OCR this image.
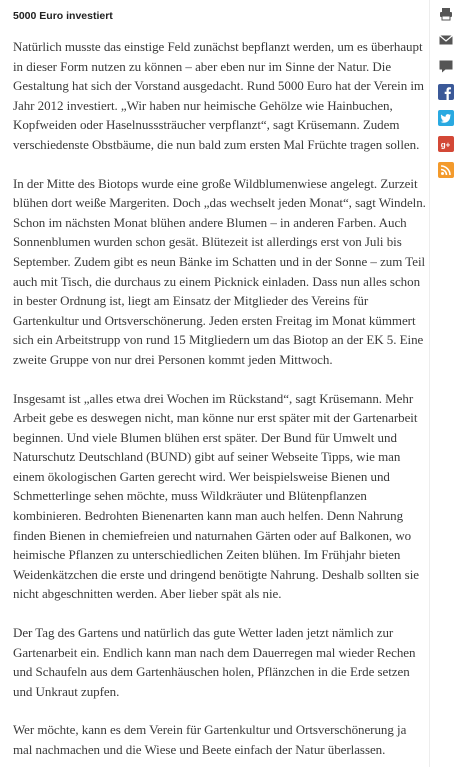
5000 Euro investiert

Natürlich musste das einstige Feld zunächst bepflanzt werden, um es überhaupt in dieser Form nutzen zu können – aber eben nur im Sinne der Natur. Die Gestaltung hat sich der Vorstand ausgedacht. Rund 5000 Euro hat der Verein im Jahr 2012 investiert. „Wir haben nur heimische Gehölze wie Hainbuchen, Kopfweiden oder Haselnusssträucher verpflanzt“, sagt Krüsemann. Zudem verschiedenste Obstbäume, die nun bald zum ersten Mal Früchte tragen sollen.

In der Mitte des Biotops wurde eine große Wildblumenwiese angelegt. Zurzeit blühen dort weiße Margeriten. Doch „das wechselt jeden Monat“, sagt Windeln. Schon im nächsten Monat blühen andere Blumen – in anderen Farben. Auch Sonnenblumen wurden schon gesät. Blütezeit ist allerdings erst von Juli bis September. Zudem gibt es neun Bänke im Schatten und in der Sonne – zum Teil auch mit Tisch, die durchaus zu einem Picknick einladen. Dass nun alles schon in bester Ordnung ist, liegt am Einsatz der Mitglieder des Vereins für Gartenkultur und Ortsverschönerung. Jeden ersten Freitag im Monat kümmert sich ein Arbeitstrupp von rund 15 Mitgliedern um das Biotop an der EK 5. Eine zweite Gruppe von nur drei Personen kommt jeden Mittwoch.

Insgesamt ist „alles etwa drei Wochen im Rückstand“, sagt Krüsemann. Mehr Arbeit gebe es deswegen nicht, man könne nur erst später mit der Gartenarbeit beginnen. Und viele Blumen blühen erst später. Der Bund für Umwelt und Naturschutz Deutschland (BUND) gibt auf seiner Webseite Tipps, wie man einem ökologischen Garten gerecht wird. Wer beispielsweise Bienen und Schmetterlinge sehen möchte, muss Wildkräuter und Blütenpflanzen kombinieren. Bedrohten Bienenarten kann man auch helfen. Denn Nahrung finden Bienen in chemiefreien und naturnahen Gärten oder auf Balkonen, wo heimische Pflanzen zu unterschiedlichen Zeiten blühen. Im Frühjahr bieten Weidenkätzchen die erste und dringend benötigte Nahrung. Deshalb sollten sie nicht abgeschnitten werden. Aber lieber spät als nie.

Der Tag des Gartens und natürlich das gute Wetter laden jetzt nämlich zur Gartenarbeit ein. Endlich kann man nach dem Dauerregen mal wieder Rechen und Schaufeln aus dem Gartenhäuschen holen, Pflänzchen in die Erde setzen und Unkraut zupfen.

Wer möchte, kann es dem Verein für Gartenkultur und Ortsverschönerung ja mal nachmachen und die Wiese und Beete einfach der Natur überlassen.

g+
